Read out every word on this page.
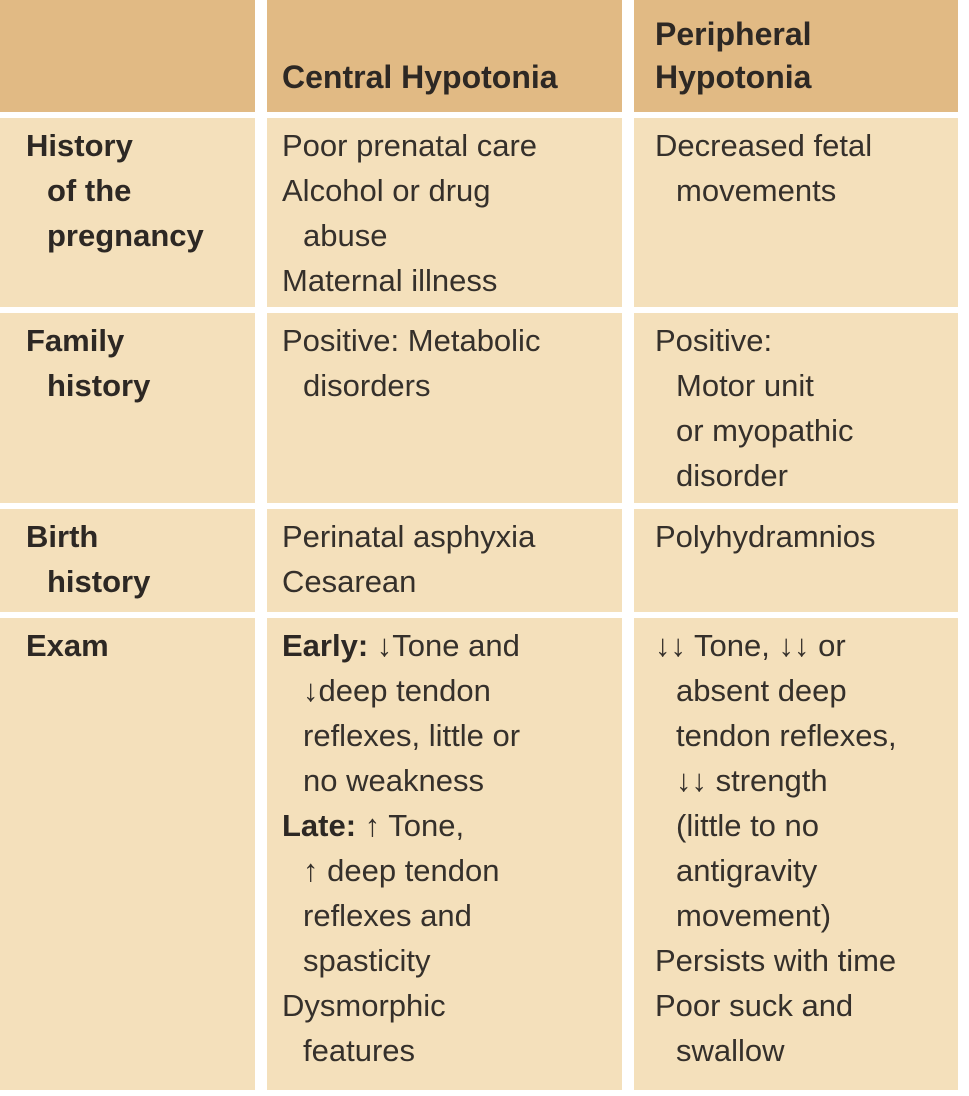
Central Hypotonia
Peripheral
Hypotonia
History
of the
pregnancy
Poor prenatal care
Alcohol or drug
abuse
Maternal illness
Decreased fetal
movements
Family
history
Positive: Metabolic
disorders
Positive:
Motor unit
or myopathic
disorder
Birth
history
Perinatal asphyxia
Cesarean
Polyhydramnios
Exam	Early: ↓Tone and
↓deep tendon
reflexes, little or
no weakness
Late: ↑ Tone,
↑ deep tendon
reflexes and
spasticity
Dysmorphic
features
↓↓ Tone, ↓↓ or
absent deep
tendon reflexes,
↓↓ strength
(little to no
antigravity
movement)
Persists with time
Poor suck and
swallow
